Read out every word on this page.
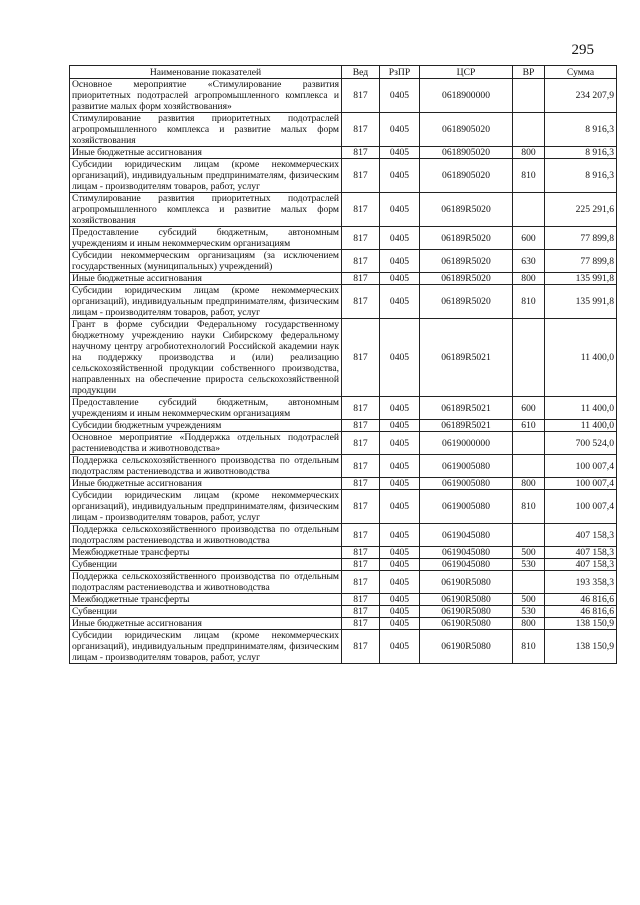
295
Наименование показателей	Вед	РзПР	ЦСР	ВР	Сумма
Основное мероприятие «Стимулирование развития приоритетных подотраслей агропромышленного комплекса и развитие малых форм хозяйствования»	817	0405	0618900000		234 207,9
Стимулирование развития приоритетных подотраслей агропромышленного комплекса и развитие малых форм хозяйствования	817	0405	0618905020		8 916,3
Иные бюджетные ассигнования	817	0405	0618905020	800	8 916,3
Субсидии юридическим лицам (кроме некоммерческих организаций), индивидуальным предпринимателям, физическим лицам - производителям товаров, работ, услуг	817	0405	0618905020	810	8 916,3
Стимулирование развития приоритетных подотраслей агропромышленного комплекса и развитие малых форм хозяйствования	817	0405	06189R5020		225 291,6
Предоставление субсидий бюджетным, автономным учреждениям и иным некоммерческим организациям	817	0405	06189R5020	600	77 899,8
Субсидии некоммерческим организациям (за исключением государственных (муниципальных) учреждений)	817	0405	06189R5020	630	77 899,8
Иные бюджетные ассигнования	817	0405	06189R5020	800	135 991,8
Субсидии юридическим лицам (кроме некоммерческих организаций), индивидуальным предпринимателям, физическим лицам - производителям товаров, работ, услуг	817	0405	06189R5020	810	135 991,8
Грант в форме субсидии Федеральному государственному бюджетному учреждению науки Сибирскому федеральному научному центру агробиотехнологий Российской академии наук на поддержку производства и (или) реализацию сельскохозяйственной продукции собственного производства, направленных на обеспечение прироста сельскохозяйственной продукции	817	0405	06189R5021		11 400,0
Предоставление субсидий бюджетным, автономным учреждениям и иным некоммерческим организациям	817	0405	06189R5021	600	11 400,0
Субсидии бюджетным учреждениям	817	0405	06189R5021	610	11 400,0
Основное мероприятие «Поддержка отдельных подотраслей растениеводства и животноводства»	817	0405	0619000000		700 524,0
Поддержка сельскохозяйственного производства по отдельным подотраслям растениеводства и животноводства	817	0405	0619005080		100 007,4
Иные бюджетные ассигнования	817	0405	0619005080	800	100 007,4
Субсидии юридическим лицам (кроме некоммерческих организаций), индивидуальным предпринимателям, физическим лицам - производителям товаров, работ, услуг	817	0405	0619005080	810	100 007,4
Поддержка сельскохозяйственного производства по отдельным подотраслям растениеводства и животноводства	817	0405	0619045080		407 158,3
Межбюджетные трансферты	817	0405	0619045080	500	407 158,3
Субвенции	817	0405	0619045080	530	407 158,3
Поддержка сельскохозяйственного производства по отдельным подотраслям растениеводства и животноводства	817	0405	06190R5080		193 358,3
Межбюджетные трансферты	817	0405	06190R5080	500	46 816,6
Субвенции	817	0405	06190R5080	530	46 816,6
Иные бюджетные ассигнования	817	0405	06190R5080	800	138 150,9
Субсидии юридическим лицам (кроме некоммерческих организаций), индивидуальным предпринимателям, физическим лицам - производителям товаров, работ, услуг	817	0405	06190R5080	810	138 150,9
